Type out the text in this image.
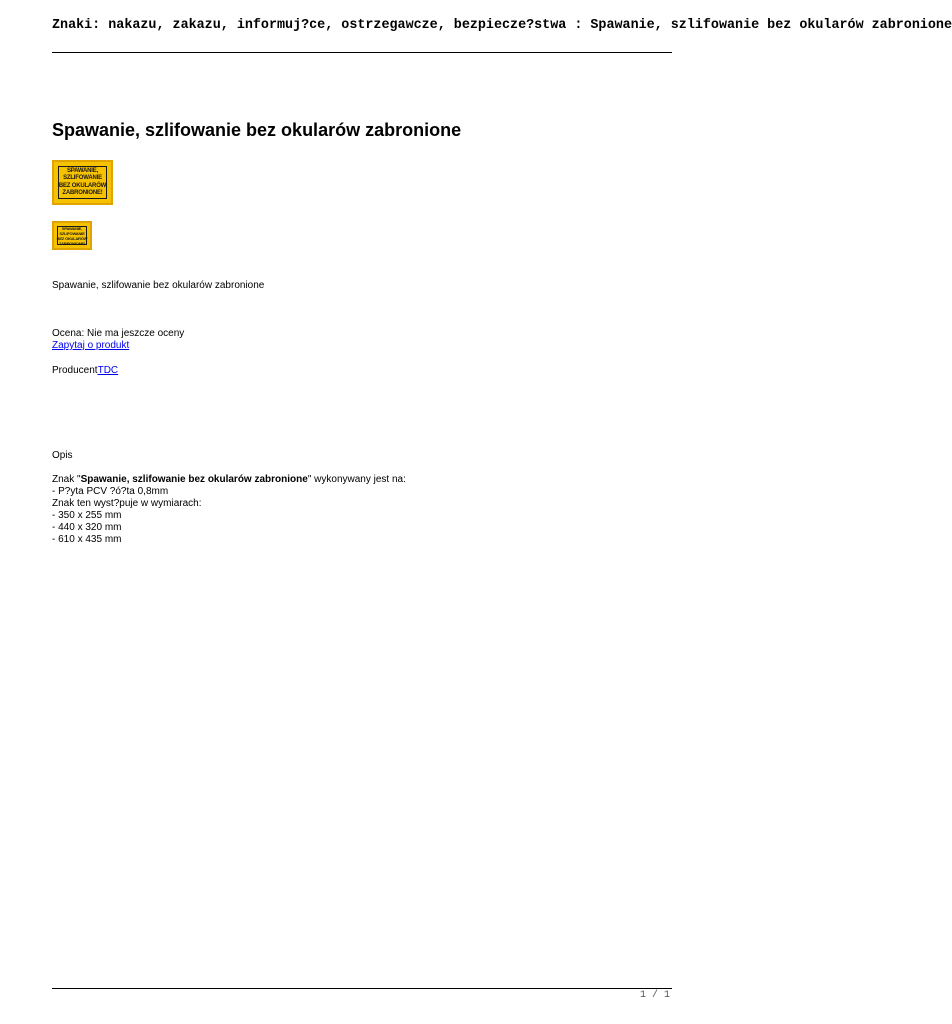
Znaki: nakazu, zakazu, informuj?ce, ostrzegawcze, bezpiecze?stwa : Spawanie, szlifowanie bez okularów zabronione
Spawanie, szlifowanie bez okularów zabronione
SPAWANIE,
SZLIFOWANIE
BEZ OKULARÓW
ZABRONIONE!
SPAWANIE,
SZLIFOWANIE
BEZ OKULARÓW
ZABRONIONE!
Spawanie, szlifowanie bez okularów zabronione
Ocena: Nie ma jeszcze oceny
Zapytaj o produkt
ProducentTDC
Opis
Znak "Spawanie, szlifowanie bez okularów zabronione" wykonywany jest na:
- P?yta PCV ?ó?ta 0,8mm
Znak ten wyst?puje w wymiarach:
- 350 x 255 mm
- 440 x 320 mm
- 610 x 435 mm
1 / 1
